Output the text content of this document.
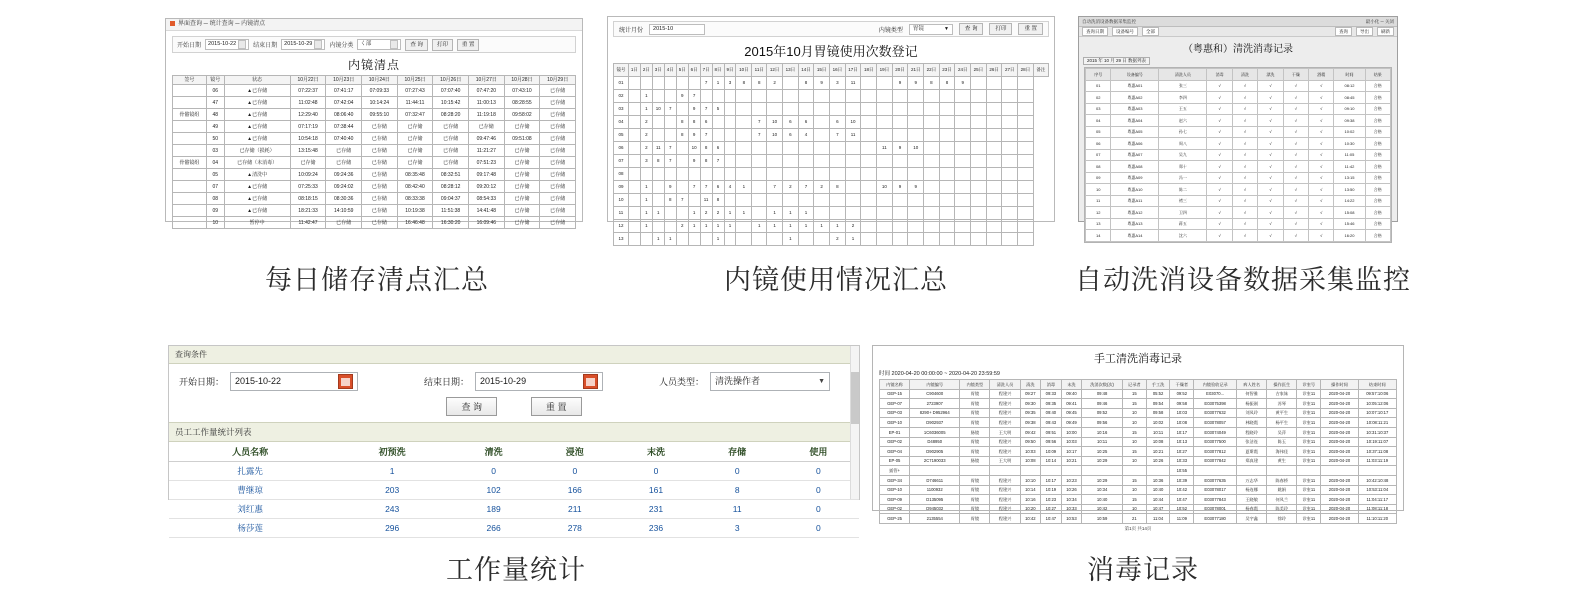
界面查询 ─ 统计查询 ─ 内镜清点
开始日期 2015-10-22	结束日期 2015-10-29	内镜分类 く部	查 询	打印	重 置
内镜清点
签号	镜号	状态	10月22日	10月23日	10月24日	10月25日	10月26日	10月27日	10月28日	10月29日
	06	▲已存储	07:22:37	07:41:17	07:09:33	07:27:43	07:07:40	07:47:20	07:43:10	已存储
	47	▲已存储	11:02:48	07:42:04	10:14:24	11:44:11	10:15:42	11:00:13	08:28:55	已存储
骨骼镜组	48	▲已存储	12:29:40	08:06:40	09:55:10	07:32:47	08:28:20	11:19:18	09:58:02	已存储
	49	▲已存储	07:17:19	07:38:44	已存储	已存储	已存储	已存储	已存储	已存储
	50	▲已存储	10:54:18	07:40:40	已存储	已存储	已存储	09:47:46	09:51:08	已存储
	03	已存储（损耗）	13:15:48	已存储	已存储	已存储	已存储	11:21:27	已存储	已存储
骨骼镜组	04	已存储（未消毒）	已存储	已存储	已存储	已存储	已存储	07:51:23	已存储	已存储
	05	▲清洗中	10:09:24	09:24:36	已存储	08:35:48	08:32:51	09:17:48	已存储	已存储
	07	▲已存储	07:25:33	09:24:02	已存储	08:42:40	08:28:12	09:20:12	已存储	已存储
	08	▲已存储	08:18:15	08:30:36	已存储	08:33:38	09:04:37	08:54:33	已存储	已存储
	09	▲已存储	18:21:33	14:10:59	已存储	10:19:38	11:51:38	14:41:48	已存储	已存储
	10	暂停中	11:42:47	已存储	已存储	16:46:48	16:30:20	16:09:46	已存储	已存储
统计月份	2015-10	内镜类型 胃镜	▼	查 询	打印	重 置
2015年10月胃镜使用次数登记
镜号	1日	2日	3日	4日	5日	6日	7日	8日	9日	10日	11日	12日	13日	14日	15日	16日	17日	18日	19日	20日	21日	22日	23日	24日	25日	26日	27日	28日	备注
01							7	1	3	8	8	2		8	9	3	11			9	9	8	8	9					
02		1			9	7																							
03		1	10	7		9	7	5																					
04		2			8	8	6				7	10	6	6		6	10												
05		2			8	9	7				7	10	6	4		7	11												
06		2	11	7		10	8	6											11	9	10								
07		3	8	7		9	8	7																					
08																													
09		1		9		7	7	6	4	1		7	2	7	2	8			10	9	9								
10		1		8	7		11	8																					
11		1	1			1	2	2	1	1		1	1	1															
12		1			2	1	1	1	1		1	1	1	1	1	1	2												
13			1	1				1					1			2	1												
自动洗消设备数据采集监控	最小化 ─ 关闭
查询日期	设备编号	全部	查询	导出	刷新
（粤惠和）清洗消毒记录
2015 年 10 月 29 日 数据列表
序号	设备编号	清洗人员	消毒	清洗	漂洗	干燥	酒精	时间	结果
01	粤惠A01	张三	√	√	√	√	√	08:12	合格
02	粤惠A02	李四	√	√	√	√	√	08:45	合格
03	粤惠A03	王五	√	√	√	√	√	09:10	合格
04	粤惠A04	赵六	√	√	√	√	√	09:38	合格
05	粤惠A05	孙七	√	√	√	√	√	10:02	合格
06	粤惠A06	周八	√	√	√	√	√	10:30	合格
07	粤惠A07	吴九	√	√	√	√	√	11:05	合格
08	粤惠A08	郑十	√	√	√	√	√	11:42	合格
09	粤惠A09	冯一	√	√	√	√	√	13:15	合格
10	粤惠A10	陈二	√	√	√	√	√	13:50	合格
11	粤惠A11	褚三	√	√	√	√	√	14:22	合格
12	粤惠A12	卫四	√	√	√	√	√	15:08	合格
13	粤惠A13	蒋五	√	√	√	√	√	15:46	合格
14	粤惠A14	沈六	√	√	√	√	√	16:20	合格
查询条件
开始日期： 2015-10-22	结束日期： 2015-10-29	人员类型： 清洗操作者	▼
查 询	重 置
员工工作量统计列表
人员名称	初预洗	清洗	浸泡	末洗	存储	使用
扎露先	1	0	0	0	0	0
曹继琼	203	102	166	161	8	0
刘红惠	243	189	211	231	11	0
杨莎莲	296	266	278	236	3	0
手工清洗消毒记录
时间 2020-04-20 00:00:00 ~ 2020-04-20 23:59:59
内镜名称	内镜编号	内镜类型	清洗人员	清洗	消毒	末洗	洗消次数(次)	记录者	手工洗	干燥者	内镜验收记录	病人姓名	操作医生	诊室号	操作时间	结束时间
GEP-15	C904600	胃镜	程建兴	09:27	09:33	09:40	09:48	15	05:52	09:52	E03070...	何智雅	吉家妹	诊室11	2020-04-20	09:57:10:06
GEP-07	2723907	胃镜	程建兴	09:30	09:35	09:41	09:46	15	09:54	09:58	E03075398	杨振刚	苏琴	诊室11	2020-04-20	10:05:12:06
GEP-03	8290+ D952964	胃镜	程建兴	09:35	09:40	09:45	09:52	10	09:58	10:03	E03077632	刘凤玲	黄平生	诊室11	2020-04-20	10:07:10:17
GEP-10	D902937	胃镜	程建兴	09:38	09:43	09:49	09:56	10	10:02	10:08	E03078057	林晓霞	杨平生	诊室11	2020-04-20	10:08:11:21
EP-01	1C6036005	肠镜	王大明	09:42	09:51	10:00	10:16	15	10:11	10:17	E03074049	程晓玲	吴萍	诊室11	2020-04-20	10:31:10:37
GEP-02	D48950	胃镜	程建兴	09:50	09:56	10:03	10:11	10	10:08	10:13	E03077500	张洁连	陈玉	诊室11	2020-04-20	10:19:11:07
GEP-04	D902905	胃镜	程建兴	10:03	10:09	10:17	10:25	15	10:21	10:27	E03077812	夏斯霞	海伟佳	诊室11	2020-04-20	10:37:11:08
EP-05	2C7190033	肠镜	王大明	10:08	10:14	10:21	10:29	10	10:26	10:33	E03077842	郑真建	黄生	诊室11	2020-04-20	11:03:11:19
插管+										10:55						
GEP-34	D746611	胃镜	程建兴	10:10	10:17	10:23	10:29	15	10:36	10:39	E03077635	万志华	陈春桥	诊室11	2020-04-20	10:42:10:48
GEP-10	1100932	胃镜	程建兴	10:14	10:19	10:26	10:34	10	10:40	10:42	E03078017	杨连娜	姚娟	诊室11	2020-04-20	10:53:11:04
GEP-09	D135095	胃镜	程建兴	10:16	10:23	10:34	10:40	15	10:44	10:47	E03077843	王晓敏	何凤兰	诊室11	2020-04-20	11:04:11:17
GEP-02	D945032	胃镜	程建兴	10:20	10:27	10:33	10:42	10	10:47	10:52	E03078001	杨春霞	陈美玲	诊室11	2020-04-20	11:08:11:18
GEP-25	2135554	胃镜	程建兴	10:42	10:47	10:53	10:59	21	11:04	11:09	E03077180	吴宇鑫	徐玲	诊室11	2020-04-20	11:10:11:20
第1页 共14页
每日储存清点汇总	内镜使用情况汇总	自动洗消设备数据采集监控
工作量统计	消毒记录
